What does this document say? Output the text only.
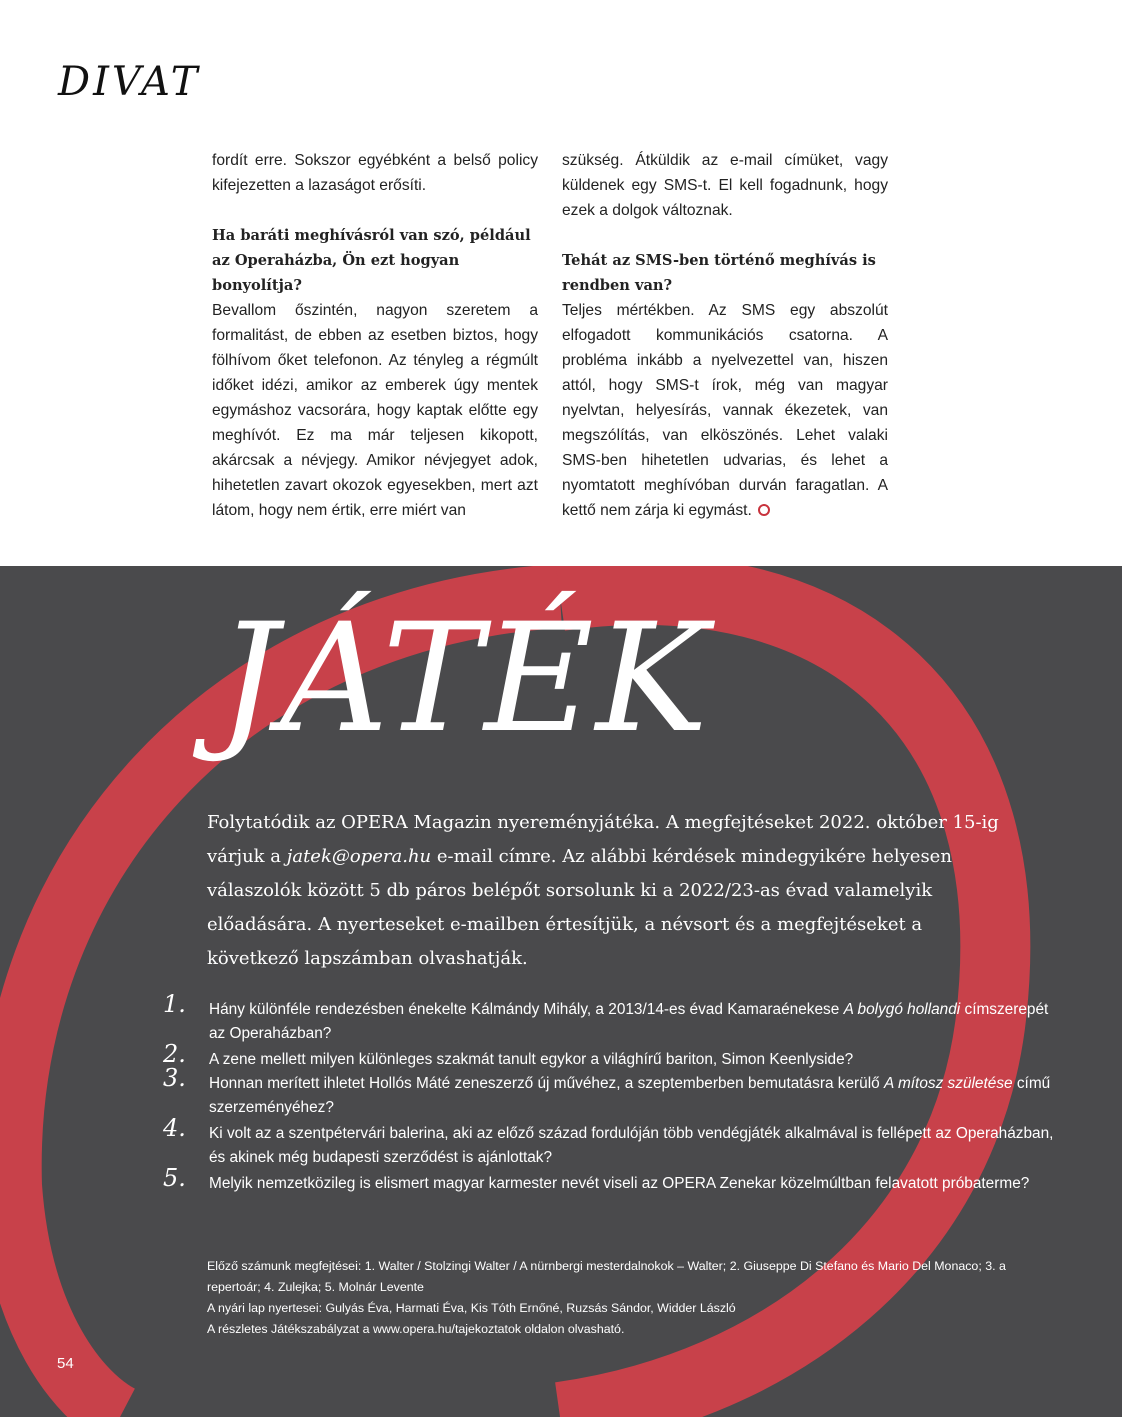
DIVAT

fordít erre. Sokszor egyébként a belső policy kifejezetten a lazaságot erősíti.

Ha baráti meghívásról van szó, például az Operaházba, Ön ezt hogyan bonyolítja?

Bevallom őszintén, nagyon szeretem a formalitást, de ebben az esetben biztos, hogy fölhívom őket telefonon. Az tényleg a régmúlt időket idézi, amikor az emberek úgy mentek egymáshoz vacsorára, hogy kaptak előtte egy meghívót. Ez ma már teljesen kikopott, akárcsak a névjegy. Amikor névjegyet adok, hihetetlen zavart okozok egyesekben, mert azt látom, hogy nem értik, erre miért van

szükség. Átküldik az e-mail címüket, vagy küldenek egy SMS-t. El kell fogadnunk, hogy ezek a dolgok változnak.

Tehát az SMS-ben történő meghívás is rendben van?

Teljes mértékben. Az SMS egy abszolút elfogadott kommunikációs csatorna. A probléma inkább a nyelvezettel van, hiszen attól, hogy SMS-t írok, még van magyar nyelvtan, helyesírás, vannak ékezetek, van megszólítás, van elköszönés. Lehet valaki SMS-ben hihetetlen udvarias, és lehet a nyomtatott meghívóban durván faragatlan. A kettő nem zárja ki egymást.

JÁTÉK
Folytatódik az OPERA Magazin nyereményjátéka. A megfejtéseket 2022. október 15-ig várjuk a jatek@opera.hu e-mail címre. Az alábbi kérdések mindegyikére helyesen válaszolók között 5 db páros belépőt sorsolunk ki a 2022/23-as évad valamelyik előadására. A nyerteseket e-mailben értesítjük, a névsort és a megfejtéseket a következő lapszámban olvashatják.
1. Hány különféle rendezésben énekelte Kálmándy Mihály, a 2013/14-es évad Kamaraénekese A bolygó hollandi címszerepét az Operaházban?
2. A zene mellett milyen különleges szakmát tanult egykor a világhírű bariton, Simon Keenlyside?
3. Honnan merített ihletet Hollós Máté zeneszerző új művéhez, a szeptemberben bemutatásra kerülő A mítosz születése című szerzeményéhez?
4. Ki volt az a szentpétervári balerina, aki az előző század fordulóján több vendégjáték alkalmával is fellépett az Operaházban, és akinek még budapesti szerződést is ajánlottak?
5. Melyik nemzetközileg is elismert magyar karmester nevét viseli az OPERA Zenekar közelmúltban felavatott próbaterme?
Előző számunk megfejtései: 1. Walter / Stolzingi Walter / A nürnbergi mesterdalnokok – Walter; 2. Giuseppe Di Stefano és Mario Del Monaco; 3. a repertoár; 4. Zulejka; 5. Molnár Levente
A nyári lap nyertesei: Gulyás Éva, Harmati Éva, Kis Tóth Ernőné, Ruzsás Sándor, Widder László
A részletes Játékszabályzat a www.opera.hu/tajekoztatok oldalon olvasható.
54
